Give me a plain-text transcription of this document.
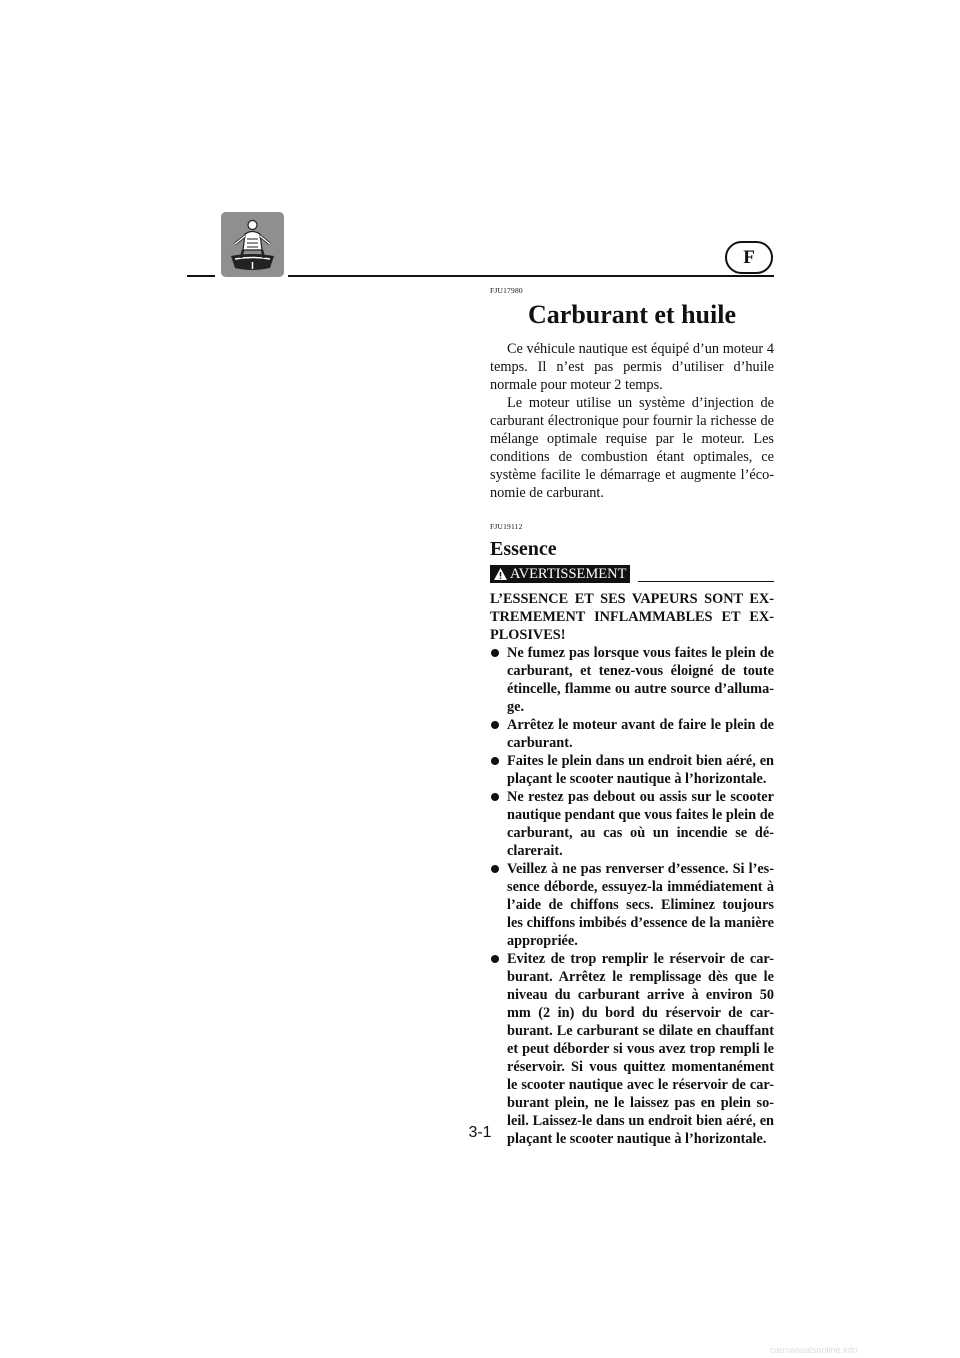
F

FJU17980

Carburant et huile

Ce véhicule nautique est équipé d’un moteur 4 temps. Il n’est pas permis d’utiliser d’huile normale pour moteur 2 temps.

Le moteur utilise un système d’injection de carburant électronique pour fournir la richesse de mélange optimale requise par le moteur. Les conditions de combustion étant optimales, ce système facilite le démarrage et augmente l’éco-nomie de carburant.

FJU19112

Essence
AVERTISSEMENT

L’ESSENCE ET SES VAPEURS SONT EX-TREMEMENT INFLAMMABLES ET EX-PLOSIVES!

Ne fumez pas lorsque vous faites le plein de carburant, et tenez-vous éloigné de toute étincelle, flamme ou autre source d’alluma-ge.
Arrêtez le moteur avant de faire le plein de carburant.
Faites le plein dans un endroit bien aéré, en plaçant le scooter nautique à l’horizontale.
Ne restez pas debout ou assis sur le scooter nautique pendant que vous faites le plein de carburant, au cas où un incendie se dé-clarerait.
Veillez à ne pas renverser d’essence. Si l’es-sence déborde, essuyez-la immédiatement à l’aide de chiffons secs. Eliminez toujours les chiffons imbibés d’essence de la manière appropriée.
Evitez de trop remplir le réservoir de car-burant. Arrêtez le remplissage dès que le niveau du carburant arrive à environ 50 mm (2 in) du bord du réservoir de car-burant. Le carburant se dilate en chauffant et peut déborder si vous avez trop rempli le réservoir. Si vous quittez momentanément le scooter nautique avec le réservoir de car-burant plein, ne le laissez pas en plein so-leil. Laissez-le dans un endroit bien aéré, en plaçant le scooter nautique à l’horizontale.
3-1
carmanualsonline.info
